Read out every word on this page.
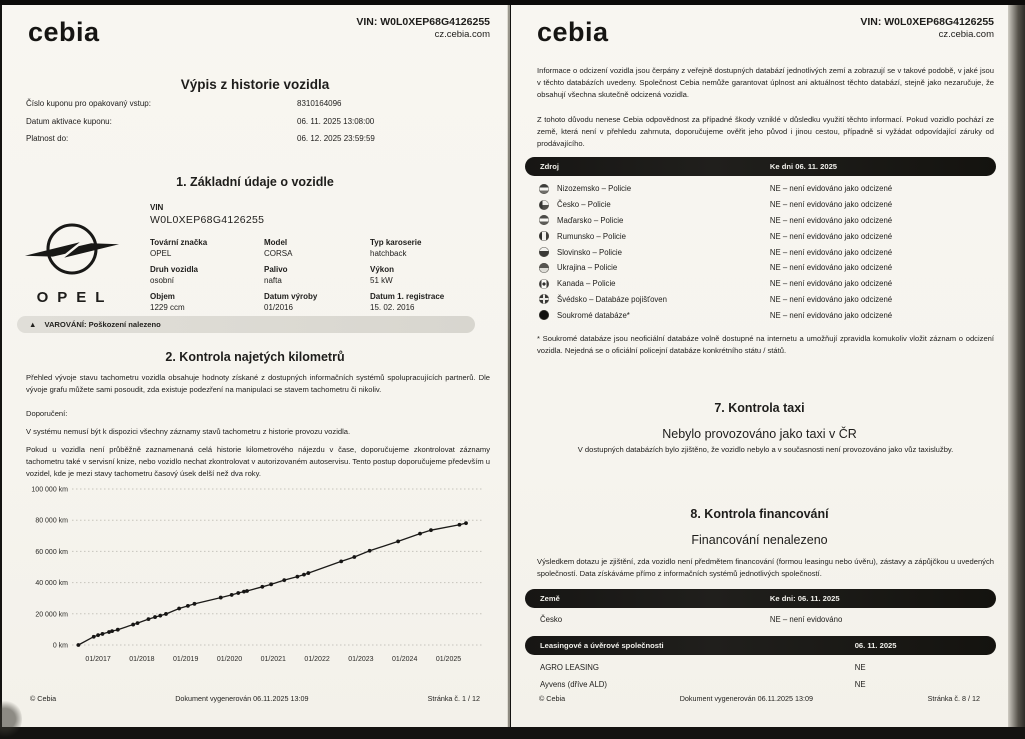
cebia	VIN: W0L0XEP68G4126255
cz.cebia.com
Výpis z historie vozidla
Číslo kuponu pro opakovaný vstup:	8310164096
Datum aktivace kuponu:	06. 11. 2025 13:08:00
Platnost do:	06. 12. 2025 23:59:59
1. Základní údaje o vozidle
OPEL
VIN
W0L0XEP68G4126255
Tovární značka
OPEL
Model
CORSA
Typ karoserie
hatchback
Druh vozidla
osobní
Palivo
nafta
Výkon
51 kW
Objem
1229 ccm
Datum výroby
01/2016
Datum 1. registrace
15. 02. 2016
▲ VAROVÁNÍ: Poškození nalezeno
2. Kontrola najetých kilometrů
Přehled vývoje stavu tachometru vozidla obsahuje hodnoty získané z dostupných informačních systémů spolupracujících partnerů. Dle vývoje grafu můžete sami posoudit, zda existuje podezření na manipulaci se stavem tachometru či nikoliv.
Doporučení:
V systému nemusí být k dispozici všechny záznamy stavů tachometru z historie provozu vozidla.
Pokud u vozidla není průběžně zaznamenaná celá historie kilometrového nájezdu v čase, doporučujeme zkontrolovat záznamy tachometru také v servisní knize, nebo vozidlo nechat zkontrolovat v autorizovaném autoservisu. Tento postup doporučujeme především u vozidel, kde je mezi stavy tachometru časový úsek delší než dva roky.
100 000 km
80 000 km
60 000 km
40 000 km
20 000 km
0 km
01/2017	01/2018	01/2019	01/2020	01/2021	01/2022	01/2023	01/2024	01/2025
© Cebia	Dokument vygenerován 06.11.2025 13:09	Stránka č. 1 / 12
cebia	VIN: W0L0XEP68G4126255
cz.cebia.com
Informace o odcizení vozidla jsou čerpány z veřejně dostupných databází jednotlivých zemí a zobrazují se v takové podobě, v jaké jsou v těchto databázích uvedeny. Společnost Cebia nemůže garantovat úplnost ani aktuálnost těchto databází, stejně jako nezaručuje, že obsahují všechna skutečně odcizená vozidla.
Z tohoto důvodu nenese Cebia odpovědnost za případné škody vzniklé v důsledku využití těchto informací. Pokud vozidlo pochází ze země, která není v přehledu zahrnuta, doporučujeme ověřit jeho původ i jinou cestou, případně si vyžádat odpovídající záruky od prodávajícího.
Zdroj	Ke dni 06. 11. 2025
Nizozemsko – Policie	NE – není evidováno jako odcizené
Česko – Policie	NE – není evidováno jako odcizené
Maďarsko – Policie	NE – není evidováno jako odcizené
Rumunsko – Policie	NE – není evidováno jako odcizené
Slovinsko – Policie	NE – není evidováno jako odcizené
Ukrajina – Policie	NE – není evidováno jako odcizené
Kanada – Policie	NE – není evidováno jako odcizené
Švédsko – Databáze pojišťoven	NE – není evidováno jako odcizené
Soukromé databáze*	NE – není evidováno jako odcizené
* Soukromé databáze jsou neoficiální databáze volně dostupné na internetu a umožňují zpravidla komukoliv vložit záznam o odcizení vozidla. Nejedná se o oficiální policejní databáze konkrétního státu / států.
7. Kontrola taxi
Nebylo provozováno jako taxi v ČR
V dostupných databázích bylo zjištěno, že vozidlo nebylo a v současnosti není provozováno jako vůz taxislužby.
8. Kontrola financování
Financování nenalezeno
Výsledkem dotazu je zjištění, zda vozidlo není předmětem financování (formou leasingu nebo úvěru), zástavy a zápůjčkou u uvedených společností. Data získáváme přímo z informačních systémů jednotlivých společností.
Země	Ke dni: 06. 11. 2025
Česko	NE – není evidováno
Leasingové a úvěrové společnosti	06. 11. 2025
AGRO LEASING	NE
Ayvens (dříve ALD)	NE
© Cebia	Dokument vygenerován 06.11.2025 13:09	Stránka č. 8 / 12
